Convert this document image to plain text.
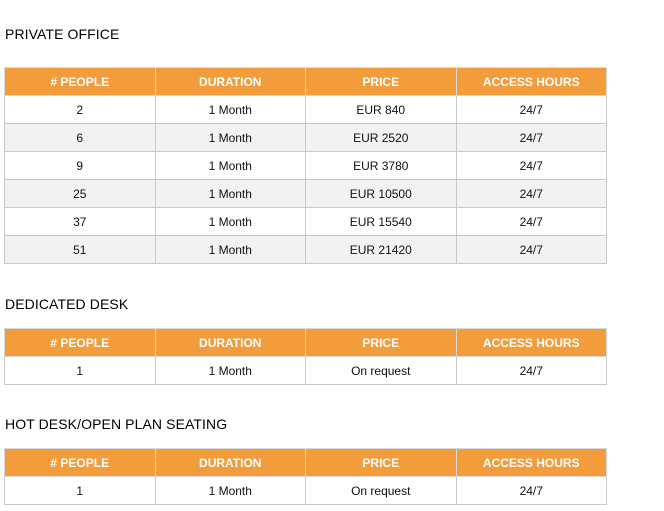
PRIVATE OFFICE
# PEOPLE	DURATION	PRICE	ACCESS HOURS
2	1 Month	EUR 840	24/7
6	1 Month	EUR 2520	24/7
9	1 Month	EUR 3780	24/7
25	1 Month	EUR 10500	24/7
37	1 Month	EUR 15540	24/7
51	1 Month	EUR 21420	24/7
DEDICATED DESK
# PEOPLE	DURATION	PRICE	ACCESS HOURS
1	1 Month	On request	24/7
HOT DESK/OPEN PLAN SEATING
# PEOPLE	DURATION	PRICE	ACCESS HOURS
1	1 Month	On request	24/7
